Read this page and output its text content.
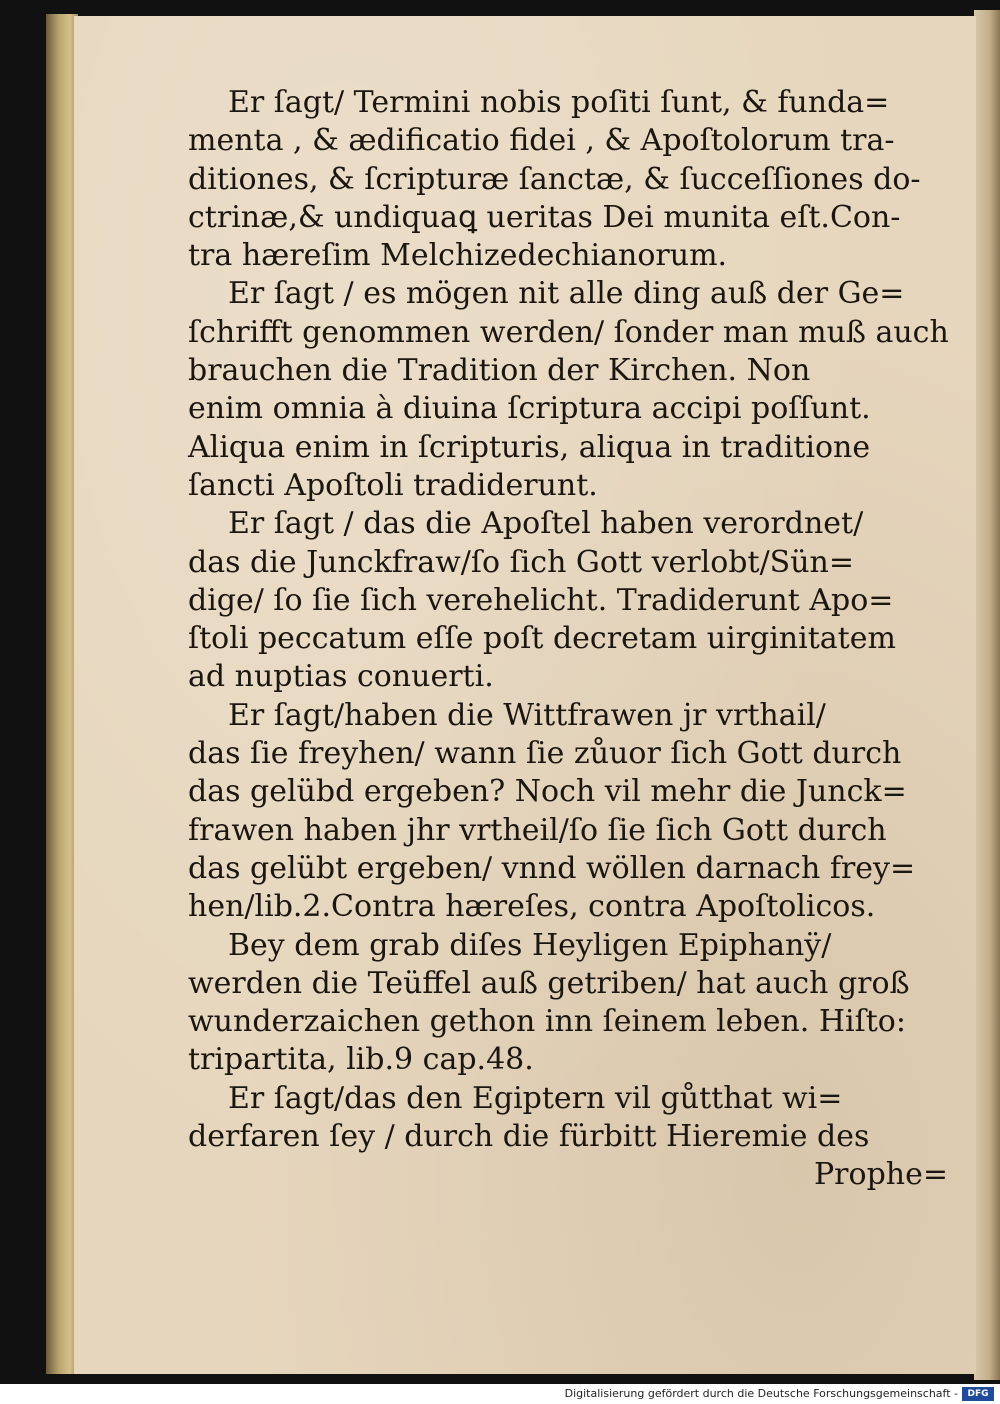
Er ſagt/ Termini nobis poſiti ſunt, & funda=
menta , & ædificatio fidei , & Apoſtolorum tra-
ditiones, & ſcripturæ ſanctæ, & ſucceſſiones do-
ctrinæ,& undiquaꝗ ueritas Dei munita eſt.Con-
tra hæreſim Melchizedechianorum.
Er ſagt / es mögen nit alle ding auß der Ge=
ſchrifft genommen werden/ ſonder man muß auch
brauchen die Tradition der Kirchen. Non
enim omnia à diuina ſcriptura accipi poſſunt.
Aliqua enim in ſcripturis, aliqua in traditione
ſancti Apoſtoli tradiderunt.
Er ſagt / das die Apoſtel haben verordnet/
das die Junckfraw/ſo ſich Gott verlobt/Sün=
dige/ ſo ſie ſich verehelicht. Tradiderunt Apo=
ſtoli peccatum eſſe poſt decretam uirginitatem
ad nuptias conuerti.
Er ſagt/haben die Wittfrawen jr vrthail/
das ſie freyhen/ wann ſie zůuor ſich Gott durch
das gelübd ergeben? Noch vil mehr die Junck=
frawen haben jhr vrtheil/ſo ſie ſich Gott durch
das gelübt ergeben/ vnnd wöllen darnach frey=
hen/lib.2.Contra hæreſes, contra Apoſtolicos.
Bey dem grab diſes Heyligen Epiphanÿ/
werden die Teüffel auß getriben/ hat auch groß
wunderzaichen gethon inn ſeinem leben. Hiſto:
tripartita, lib.9 cap.48.
Er ſagt/das den Egiptern vil gůtthat wi=
derfaren ſey / durch die fürbitt Hieremie des
Prophe=
Digitalisierung gefördert durch die Deutsche Forschungsgemeinschaft -	DFG
